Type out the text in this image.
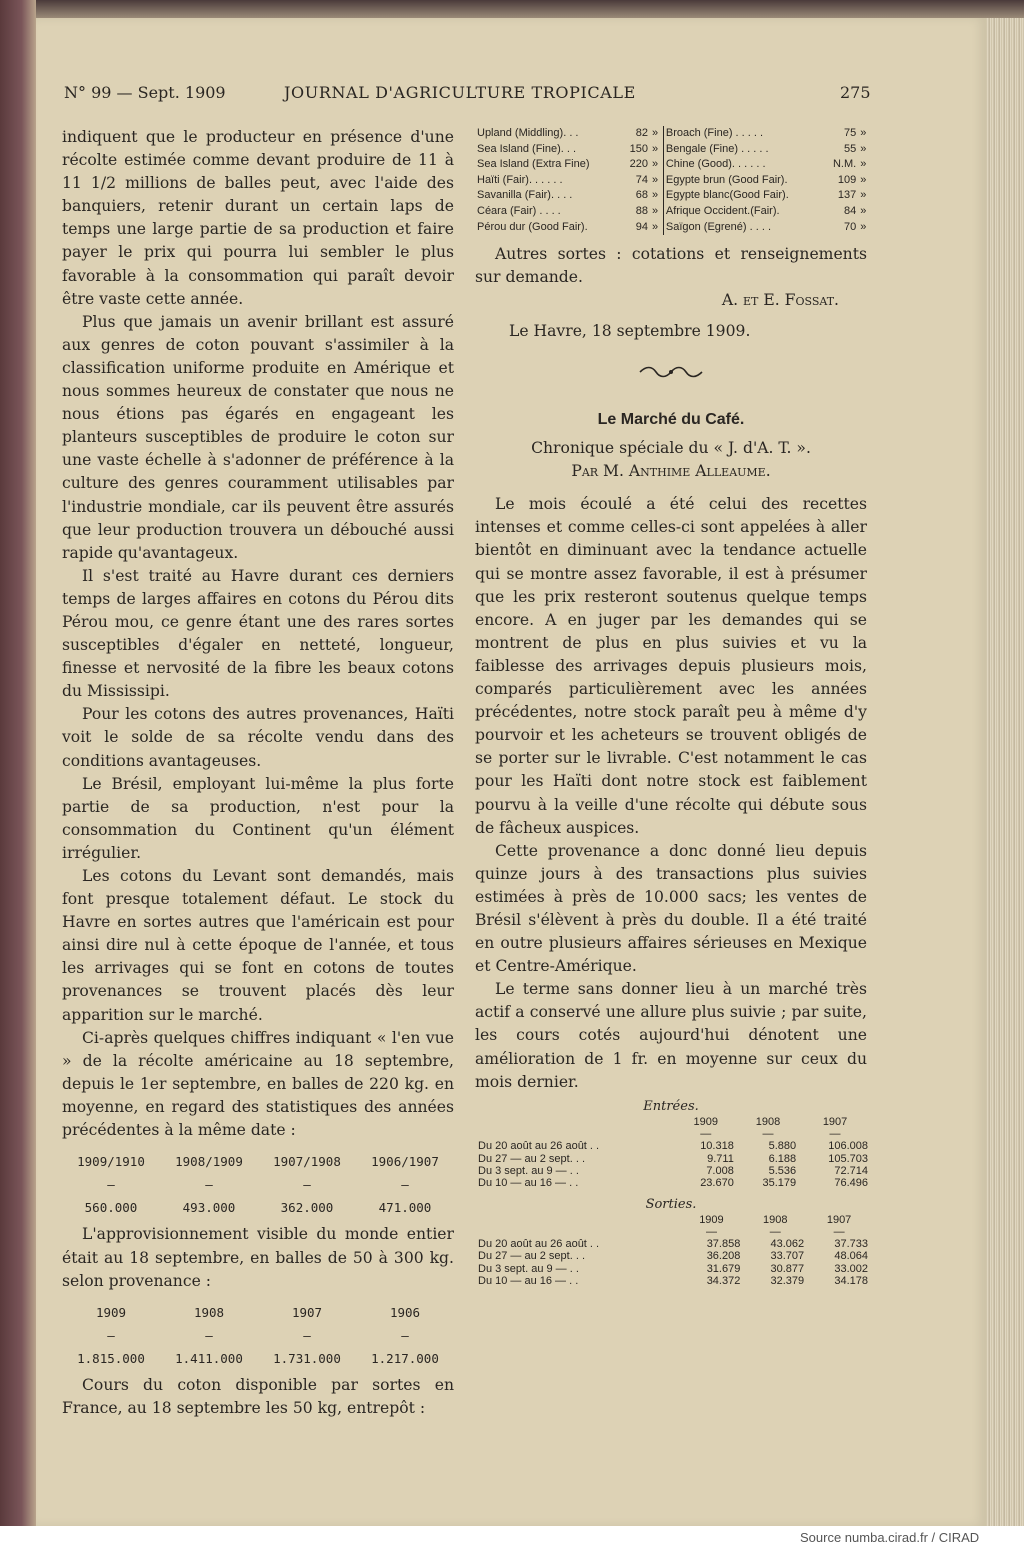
N° 99 — Sept. 1909	JOURNAL D'AGRICULTURE TROPICALE	275

indiquent que le producteur en présence d'une récolte estimée comme devant produire de 11 à 11 1/2 millions de balles peut, avec l'aide des banquiers, retenir durant un certain laps de temps une large partie de sa production et faire payer le prix qui pourra lui sembler le plus favorable à la consommation qui paraît devoir être vaste cette année.

Plus que jamais un avenir brillant est assuré aux genres de coton pouvant s'assimiler à la classification uniforme produite en Amérique et nous sommes heureux de constater que nous ne nous étions pas égarés en engageant les planteurs susceptibles de produire le coton sur une vaste échelle à s'adonner de préférence à la culture des genres couramment utilisables par l'industrie mondiale, car ils peuvent être assurés que leur production trouvera un débouché aussi rapide qu'avantageux.

Il s'est traité au Havre durant ces derniers temps de larges affaires en cotons du Pérou dits Pérou mou, ce genre étant une des rares sortes susceptibles d'égaler en netteté, longueur, finesse et nervosité de la fibre les beaux cotons du Mississipi.

Pour les cotons des autres provenances, Haïti voit le solde de sa récolte vendu dans des conditions avantageuses.

Le Brésil, employant lui-même la plus forte partie de sa production, n'est pour la consommation du Continent qu'un élément irrégulier.

Les cotons du Levant sont demandés, mais font presque totalement défaut. Le stock du Havre en sortes autres que l'américain est pour ainsi dire nul à cette époque de l'année, et tous les arrivages qui se font en cotons de toutes provenances se trouvent placés dès leur apparition sur le marché.

Ci-après quelques chiffres indiquant « l'en vue » de la récolte américaine au 18 septembre, depuis le 1er septembre, en balles de 220 kg. en moyenne, en regard des statistiques des années précédentes à la même date :

1909/1910	1908/1909	1907/1908	1906/1907
—	—	—	—
560.000	493.000	362.000	471.000

L'approvisionnement visible du monde entier était au 18 septembre, en balles de 50 à 300 kg. selon provenance :

1909	1908	1907	1906
—	—	—	—
1.815.000	1.411.000	1.731.000	1.217.000

Cours du coton disponible par sortes en France, au 18 septembre les 50 kg, entrepôt :

Upland (Middling). . .	82	»	Broach (Fine) . . . . .	75	»
Sea Island (Fine). . .	150	»	Bengale (Fine) . . . . .	55	»
Sea Island (Extra Fine)	220	»	Chine (Good). . . . . .	N.M.	»
Haïti (Fair). . . . . .	74	»	Egypte brun (Good Fair).	109	»
Savanilla (Fair). . . .	68	»	Egypte blanc(Good Fair).	137	»
Céara (Fair) . . . .	88	»	Afrique Occident.(Fair).	84	»
Pérou dur (Good Fair).	94	»	Saïgon (Egrené) . . . .	70	»

Autres sortes : cotations et renseignements sur demande.

A. et E. Fossat.

Le Havre, 18 septembre 1909.

Le Marché du Café.

Chronique spéciale du « J. d'A. T. ».

Par M. Anthime Alleaume.

Le mois écoulé a été celui des recettes intenses et comme celles-ci sont appelées à aller bientôt en diminuant avec la tendance actuelle qui se montre assez favorable, il est à présumer que les prix resteront soutenus quelque temps encore. A en juger par les demandes qui se montrent de plus en plus suivies et vu la faiblesse des arrivages depuis plusieurs mois, comparés particulièrement avec les années précédentes, notre stock paraît peu à même d'y pourvoir et les acheteurs se trouvent obligés de se porter sur le livrable. C'est notamment le cas pour les Haïti dont notre stock est faiblement pourvu à la veille d'une récolte qui débute sous de fâcheux auspices.

Cette provenance a donc donné lieu depuis quinze jours à des transactions plus suivies estimées à près de 10.000 sacs; les ventes de Brésil s'élèvent à près du double. Il a été traité en outre plusieurs affaires sérieuses en Mexique et Centre-Amérique.

Le terme sans donner lieu à un marché très actif a conservé une allure plus suivie ; par suite, les cours cotés aujourd'hui dénotent une amélioration de 1 fr. en moyenne sur ceux du mois dernier.

Entrées.
	1909	1908	1907
	—	—	—
Du 20 août au 26 août . .	10.318	5.880	106.008
Du 27 — au 2 sept. . .	9.711	6.188	105.703
Du 3 sept. au 9 — . .	7.008	5.536	72.714
Du 10 — au 16 — . .	23.670	35.179	76.496
Sorties.
	1909	1908	1907
	—	—	—
Du 20 août au 26 août . .	37.858	43.062	37.733
Du 27 — au 2 sept. . .	36.208	33.707	48.064
Du 3 sept. au 9 — . .	31.679	30.877	33.002
Du 10 — au 16 — . .	34.372	32.379	34.178
Source numba.cirad.fr / CIRAD
